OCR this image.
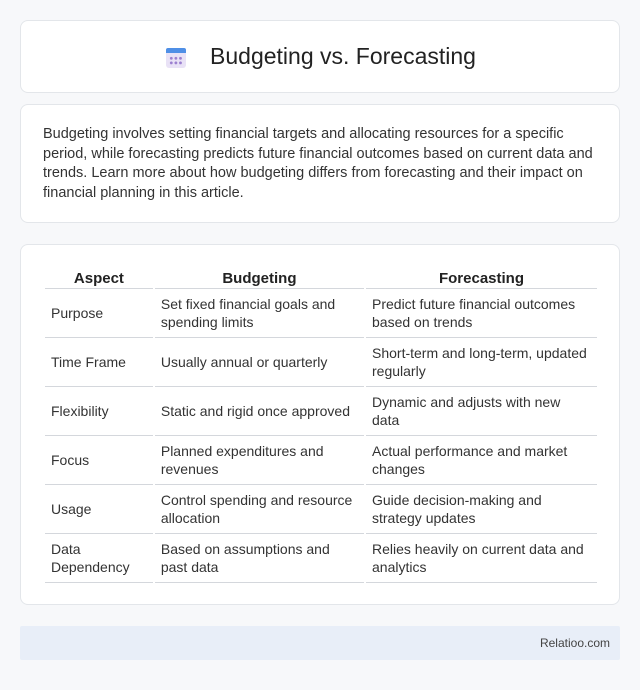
Budgeting vs. Forecasting

Budgeting involves setting financial targets and allocating resources for a specific period, while forecasting predicts future financial outcomes based on current data and trends. Learn more about how budgeting differs from forecasting and their impact on financial planning in this article.

Aspect	Budgeting	Forecasting
Purpose	Set fixed financial goals and spending limits	Predict future financial outcomes based on trends
Time Frame	Usually annual or quarterly	Short-term and long-term, updated regularly
Flexibility	Static and rigid once approved	Dynamic and adjusts with new data
Focus	Planned expenditures and revenues	Actual performance and market changes
Usage	Control spending and resource allocation	Guide decision-making and strategy updates
Data Dependency	Based on assumptions and past data	Relies heavily on current data and analytics
Relatioo.com
